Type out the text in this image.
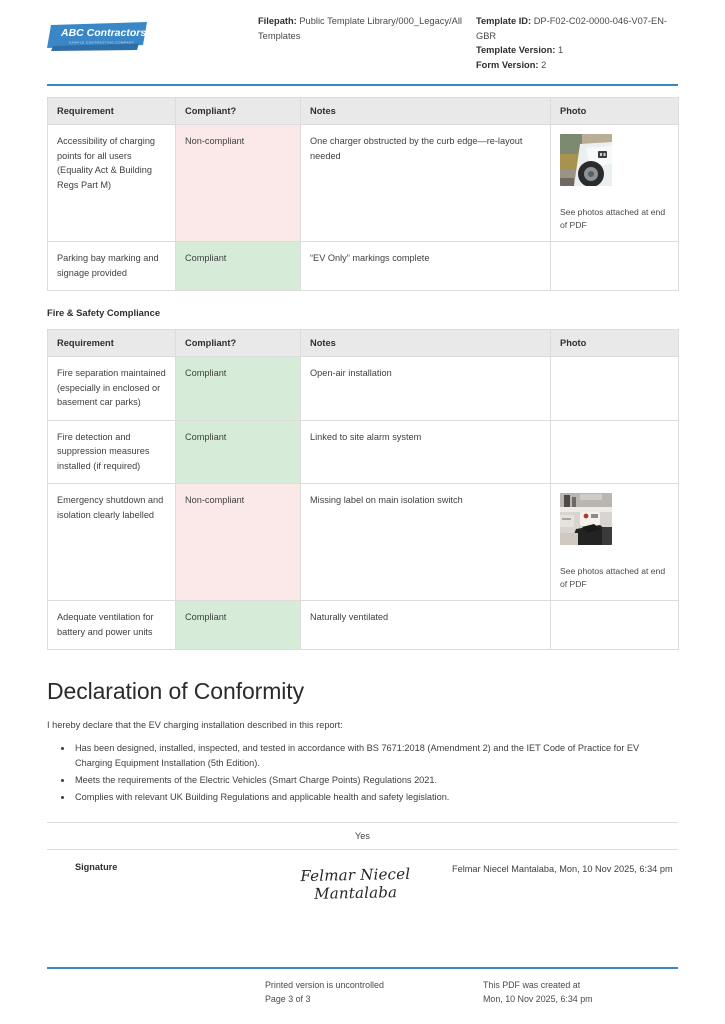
ABC Contractors
SAMPLE CONTRACTING COMPANY
Filepath: Public Template Library/000_Legacy/All Templates
Template ID: DP-F02-C02-0000-046-V07-EN-GBR
Template Version: 1
Form Version: 2
Requirement	Compliant?	Notes	Photo
Accessibility of charging points for all users (Equality Act & Building Regs Part M)	Non-compliant	One charger obstructed by the curb edge—re-layout needed	See photos attached at end of PDF

Parking bay marking and signage provided	Compliant	“EV Only” markings complete	
Fire & Safety Compliance
Requirement	Compliant?	Notes	Photo
Fire separation maintained (especially in enclosed or basement car parks)	Compliant	Open-air installation	
Fire detection and suppression measures installed (if required)	Compliant	Linked to site alarm system	
Emergency shutdown and isolation clearly labelled	Non-compliant	Missing label on main isolation switch	See photos attached at end of PDF

Adequate ventilation for battery and power units	Compliant	Naturally ventilated	
Declaration of Conformity

I hereby declare that the EV charging installation described in this report:

• Has been designed, installed, inspected, and tested in accordance with BS 7671:2018 (Amendment 2) and the IET Code of Practice for EV Charging Equipment Installation (5th Edition).
• Meets the requirements of the Electric Vehicles (Smart Charge Points) Regulations 2021.
• Complies with relevant UK Building Regulations and applicable health and safety legislation.
Yes
Signature	Felmar Niecel Mantalaba
Felmar Niecel Mantalaba, Mon, 10 Nov 2025, 6:34 pm
Printed version is uncontrolled
Page 3 of 3
This PDF was created at
Mon, 10 Nov 2025, 6:34 pm
